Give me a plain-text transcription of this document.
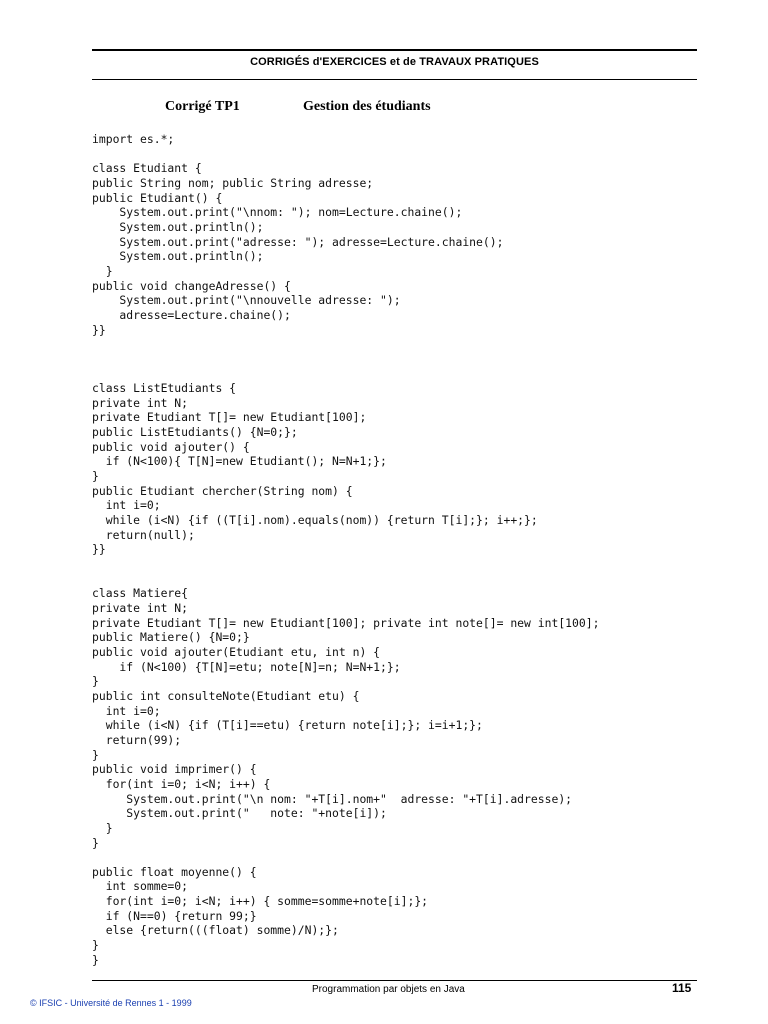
CORRIGÉS d'EXERCICES et de TRAVAUX PRATIQUES
Corrigé TP1	Gestion des étudiants
import es.*;

class Etudiant {
public String nom; public String adresse;
public Etudiant() {
System.out.print("\nnom: "); nom=Lecture.chaine();
System.out.println();
System.out.print("adresse: "); adresse=Lecture.chaine();
System.out.println();
}
public void changeAdresse() {
System.out.print("\nnouvelle adresse: ");
adresse=Lecture.chaine();
}}

class ListEtudiants {
private int N;
private Etudiant T[]= new Etudiant[100];
public ListEtudiants() {N=0;};
public void ajouter() {
if (N<100){ T[N]=new Etudiant(); N=N+1;};
}
public Etudiant chercher(String nom) {
int i=0;
while (i<N) {if ((T[i].nom).equals(nom)) {return T[i];}; i++;};
return(null);
}}

class Matiere{
private int N;
private Etudiant T[]= new Etudiant[100]; private int note[]= new int[100];
public Matiere() {N=0;}
public void ajouter(Etudiant etu, int n) {
if (N<100) {T[N]=etu; note[N]=n; N=N+1;};
}
public int consulteNote(Etudiant etu) {
int i=0;
while (i<N) {if (T[i]==etu) {return note[i];}; i=i+1;};
return(99);
}
public void imprimer() {
for(int i=0; i<N; i++) {
System.out.print("\n nom: "+T[i].nom+"  adresse: "+T[i].adresse);
System.out.print("   note: "+note[i]);
}
}

public float moyenne() {
int somme=0;
for(int i=0; i<N; i++) { somme=somme+note[i];};
if (N==0) {return 99;}
else {return(((float) somme)/N);};
}
}
Programmation par objets en Java	115
© IFSIC - Université de Rennes 1 - 1999
